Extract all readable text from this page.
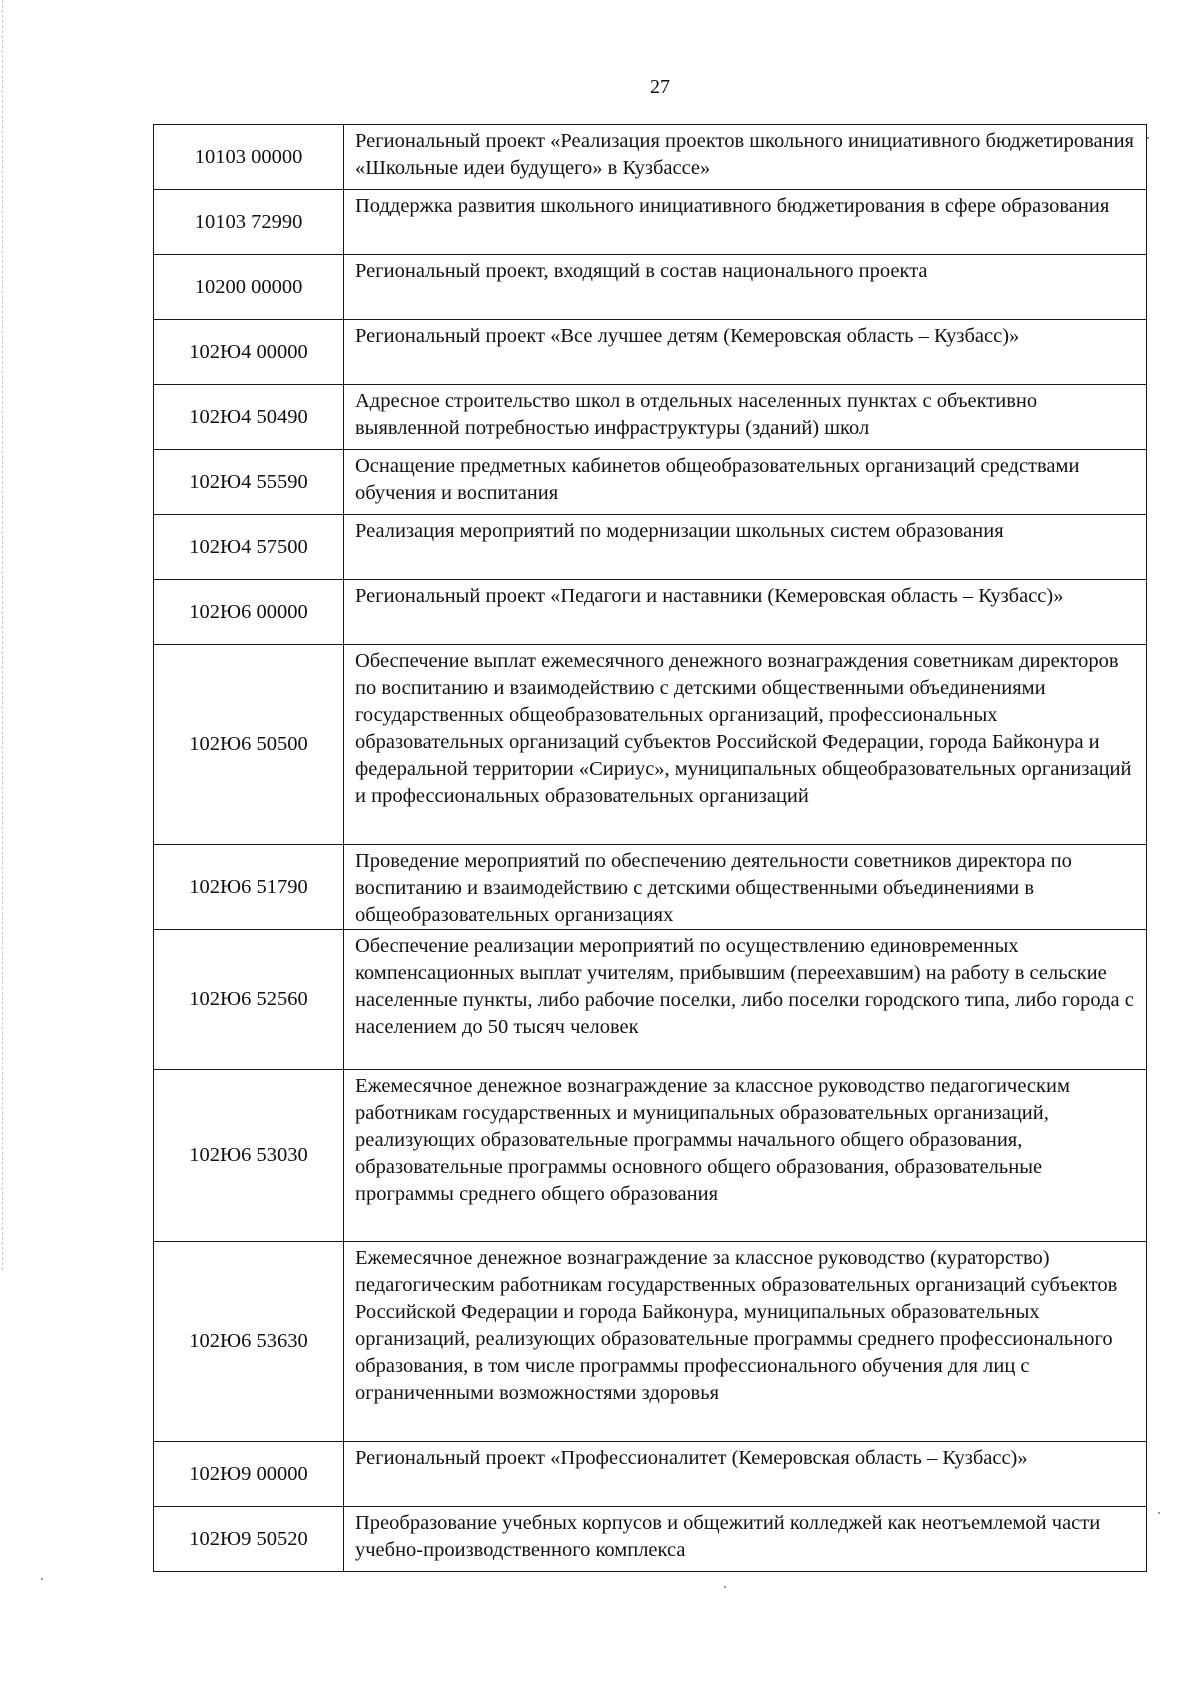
27
10103 00000	Региональный проект «Реализация проектов школьного инициативного бюджетирования «Школьные идеи будущего» в Кузбассе»
10103 72990	Поддержка развития школьного инициативного бюджетирования в сфере образования
10200 00000	Региональный проект, входящий в состав национального проекта
102Ю4 00000	Региональный проект «Все лучшее детям (Кемеровская область – Кузбасс)»
102Ю4 50490	Адресное строительство школ в отдельных населенных пунктах с объективно выявленной потребностью инфраструктуры (зданий) школ
102Ю4 55590	Оснащение предметных кабинетов общеобразовательных организаций средствами обучения и воспитания
102Ю4 57500	Реализация мероприятий по модернизации школьных систем образования
102Ю6 00000	Региональный проект «Педагоги и наставники (Кемеровская область – Кузбасс)»
102Ю6 50500	Обеспечение выплат ежемесячного денежного вознаграждения советникам директоров по воспитанию и взаимодействию с детскими общественными объединениями государственных общеобразовательных организаций, профессиональных образовательных организаций субъектов Российской Федерации, города Байконура и федеральной территории «Сириус», муниципальных общеобразовательных организаций и профессиональных образовательных организаций
102Ю6 51790	Проведение мероприятий по обеспечению деятельности советников директора по воспитанию и взаимодействию с детскими общественными объединениями в общеобразовательных организациях
102Ю6 52560	Обеспечение реализации мероприятий по осуществлению единовременных компенсационных выплат учителям, прибывшим (переехавшим) на работу в сельские населенные пункты, либо рабочие поселки, либо поселки городского типа, либо города с населением до 50 тысяч человек
102Ю6 53030	Ежемесячное денежное вознаграждение за классное руководство педагогическим работникам государственных и муниципальных образовательных организаций, реализующих образовательные программы начального общего образования, образовательные программы основного общего образования, образовательные программы среднего общего образования
102Ю6 53630	Ежемесячное денежное вознаграждение за классное руководство (кураторство) педагогическим работникам государственных образовательных организаций субъектов Российской Федерации и города Байконура, муниципальных образовательных организаций, реализующих образовательные программы среднего профессионального образования, в том числе программы профессионального обучения для лиц с ограниченными возможностями здоровья
102Ю9 00000	Региональный проект «Профессионалитет (Кемеровская область – Кузбасс)»
102Ю9 50520	Преобразование учебных корпусов и общежитий колледжей как неотъемлемой части учебно-производственного комплекса
